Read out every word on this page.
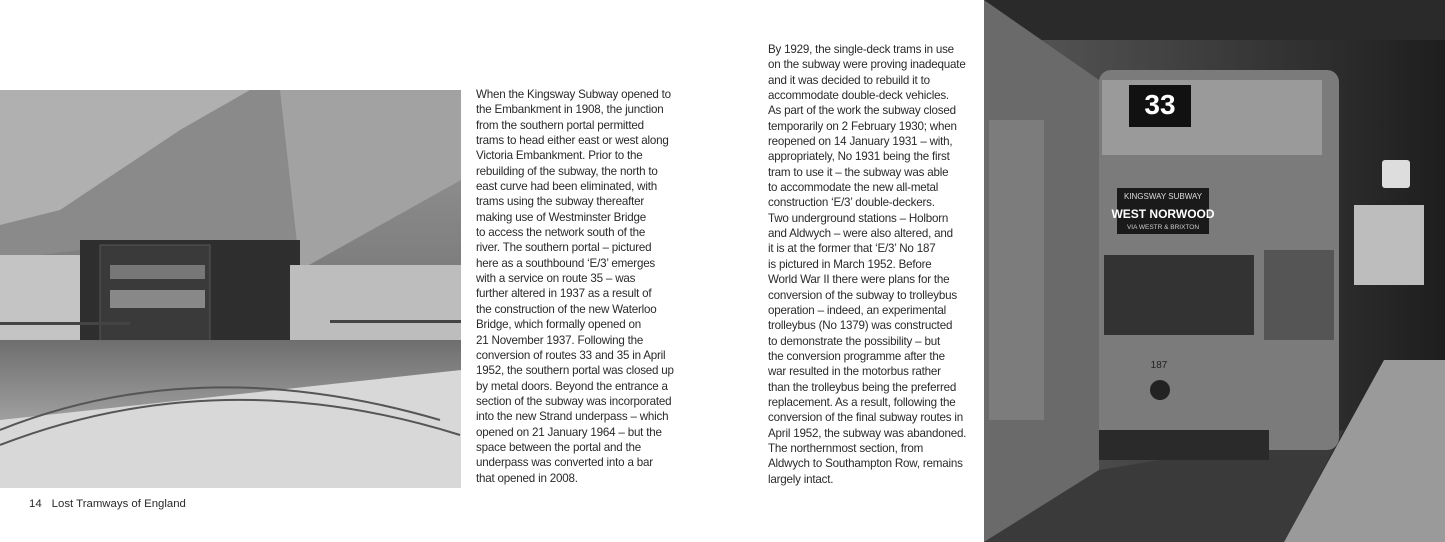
When the Kingsway Subway opened to
the Embankment in 1908, the junction
from the southern portal permitted
trams to head either east or west along
Victoria Embankment. Prior to the
rebuilding of the subway, the north to
east curve had been eliminated, with
trams using the subway thereafter
making use of Westminster Bridge
to access the network south of the
river. The southern portal – pictured
here as a southbound ‘E/3’ emerges
with a service on route 35 – was
further altered in 1937 as a result of
the construction of the new Waterloo
Bridge, which formally opened on
21 November 1937. Following the
conversion of routes 33 and 35 in April
1952, the southern portal was closed up
by metal doors. Beyond the entrance a
section of the subway was incorporated
into the new Strand underpass – which
opened on 21 January 1964 – but the
space between the portal and the
underpass was converted into a bar
that opened in 2008.
By 1929, the single-deck trams in use
on the subway were proving inadequate
and it was decided to rebuild it to
accommodate double-deck vehicles.
As part of the work the subway closed
temporarily on 2 February 1930; when
reopened on 14 January 1931 – with,
appropriately, No 1931 being the first
tram to use it – the subway was able
to accommodate the new all-metal
construction ‘E/3’ double-deckers.
Two underground stations – Holborn
and Aldwych – were also altered, and
it is at the former that ‘E/3’ No 187
is pictured in March 1952. Before
World War II there were plans for the
conversion of the subway to trolleybus
operation – indeed, an experimental
trolleybus (No 1379) was constructed
to demonstrate the possibility – but
the conversion programme after the
war resulted in the motorbus rather
than the trolleybus being the preferred
replacement. As a result, following the
conversion of the final subway routes in
April 1952, the subway was abandoned.
The northernmost section, from
Aldwych to Southampton Row, remains
largely intact.
14 Lost Tramways of England
33
KINGSWAY SUBWAY
WEST NORWOOD
VIA WESTR & BRIXTON
187
